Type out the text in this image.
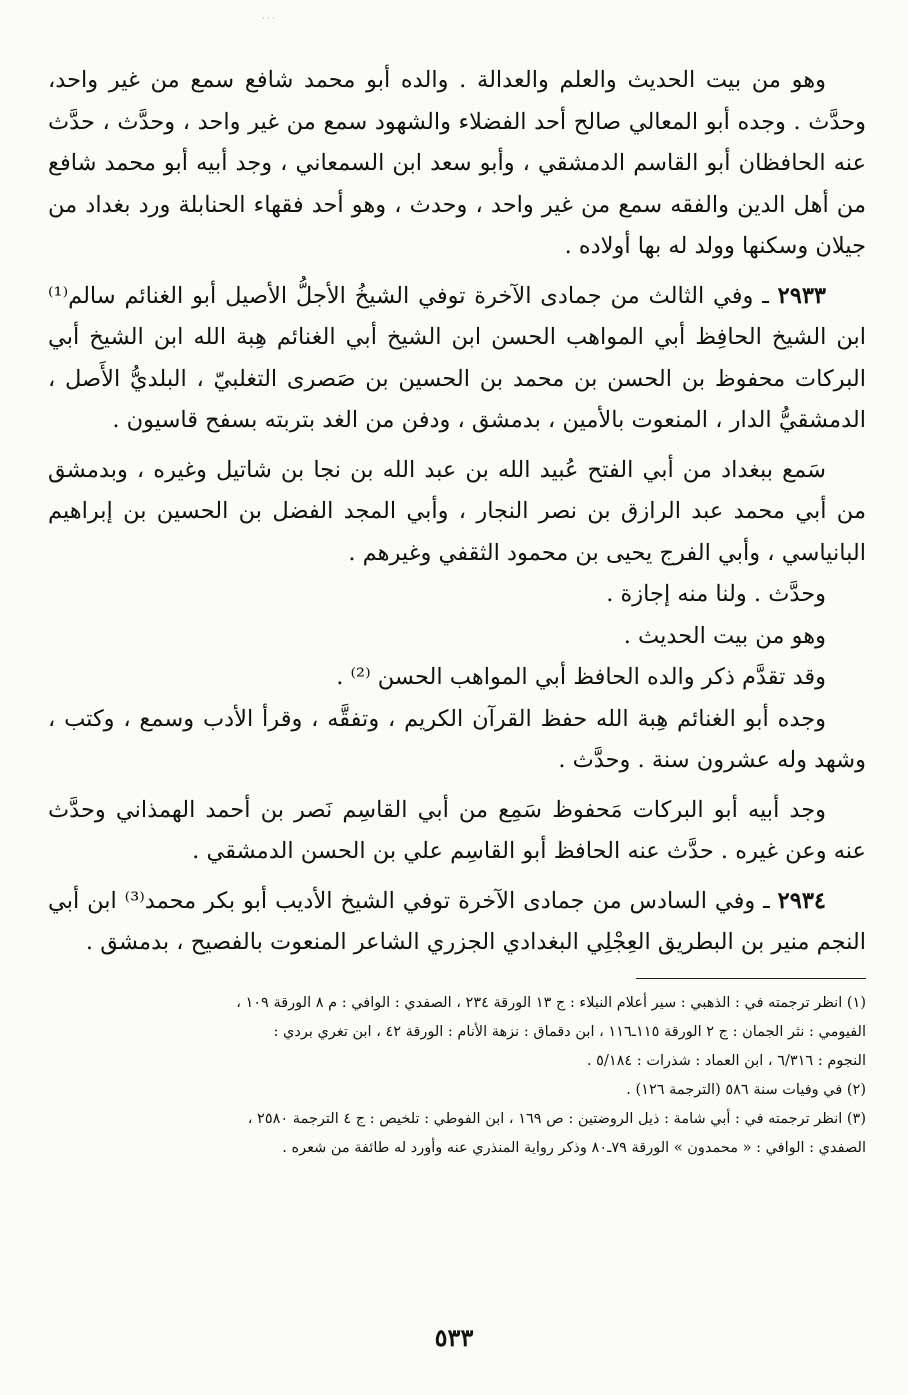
· · ·

وهو من بيت الحديث والعلم والعدالة . والده أبو محمد شافع سمع من غير واحد، وحدَّث . وجده أبو المعالي صالح أحد الفضلاء والشهود سمع من غير واحد ، وحدَّث ، حدَّث عنه الحافظان أبو القاسم الدمشقي ، وأبو سعد ابن السمعاني ، وجد أبيه أبو محمد شافع من أهل الدين والفقه سمع من غير واحد ، وحدث ، وهو أحد فقهاء الحنابلة ورد بغداد من جيلان وسكنها وولد له بها أولاده .

٢٩٣٣ ـ وفي الثالث من جمادى الآخرة توفي الشيخُ الأجلُّ الأصيل أبو الغنائم سالم⁽¹⁾ ابن الشيخ الحافِظ أبي المواهب الحسن ابن الشيخ أبي الغنائم هِبة الله ابن الشيخ أبي البركات محفوظ بن الحسن بن محمد بن الحسين بن صَصرى التغلبيّ ، البلديُّ الأَصل ، الدمشقيُّ الدار ، المنعوت بالأمين ، بدمشق ، ودفن من الغد بتربته بسفح قاسيون .

سَمع ببغداد من أبي الفتح عُبيد الله بن عبد الله بن نجا بن شاتيل وغيره ، وبدمشق من أبي محمد عبد الرازق بن نصر النجار ، وأبي المجد الفضل بن الحسين بن إبراهيم البانياسي ، وأبي الفرج يحيى بن محمود الثقفي وغيرهم .

وحدَّث . ولنا منه إجازة .

وهو من بيت الحديث .

وقد تقدَّم ذكر والده الحافظ أبي المواهب الحسن ⁽²⁾ .

وجده أبو الغنائم هِبة الله حفظ القرآن الكريم ، وتفقَّه ، وقرأ الأدب وسمع ، وكتب ، وشهد وله عشرون سنة . وحدَّث .

وجد أبيه أبو البركات مَحفوظ سَمِع من أبي القاسِم نَصر بن أحمد الهمذاني وحدَّث عنه وعن غيره . حدَّث عنه الحافظ أبو القاسِم علي بن الحسن الدمشقي .

٢٩٣٤ ـ وفي السادس من جمادى الآخرة توفي الشيخ الأديب أبو بكر محمد⁽³⁾ ابن أبي النجم منير بن البطريق العِجْلِي البغدادي الجزري الشاعر المنعوت بالفصيح ، بدمشق .

(١) انظر ترجمته في : الذهبي : سير أعلام النبلاء : ج ١٣ الورقة ٢٣٤ ، الصفدي : الوافي : م ٨ الورقة ١٠٩ ،

الفيومي : نثر الجمان : ج ٢ الورقة ١١٥ـ١١٦ ، ابن دقماق : نزهة الأنام : الورقة ٤٢ ، ابن تغري بردي :

النجوم : ٦/٣١٦ ، ابن العماد : شذرات : ٥/١٨٤ .

(٢) في وفيات سنة ٥٨٦ (الترجمة ١٢٦) .

(٣) انظر ترجمته في : أبي شامة : ذيل الروضتين : ص ١٦٩ ، ابن الفوطي : تلخيص : ج ٤ الترجمة ٢٥٨٠ ،

الصفدي : الوافي : « محمدون » الورقة ٧٩ـ٨٠ وذكر رواية المنذري عنه وأورد له طائفة من شعره .

٥٣٣
